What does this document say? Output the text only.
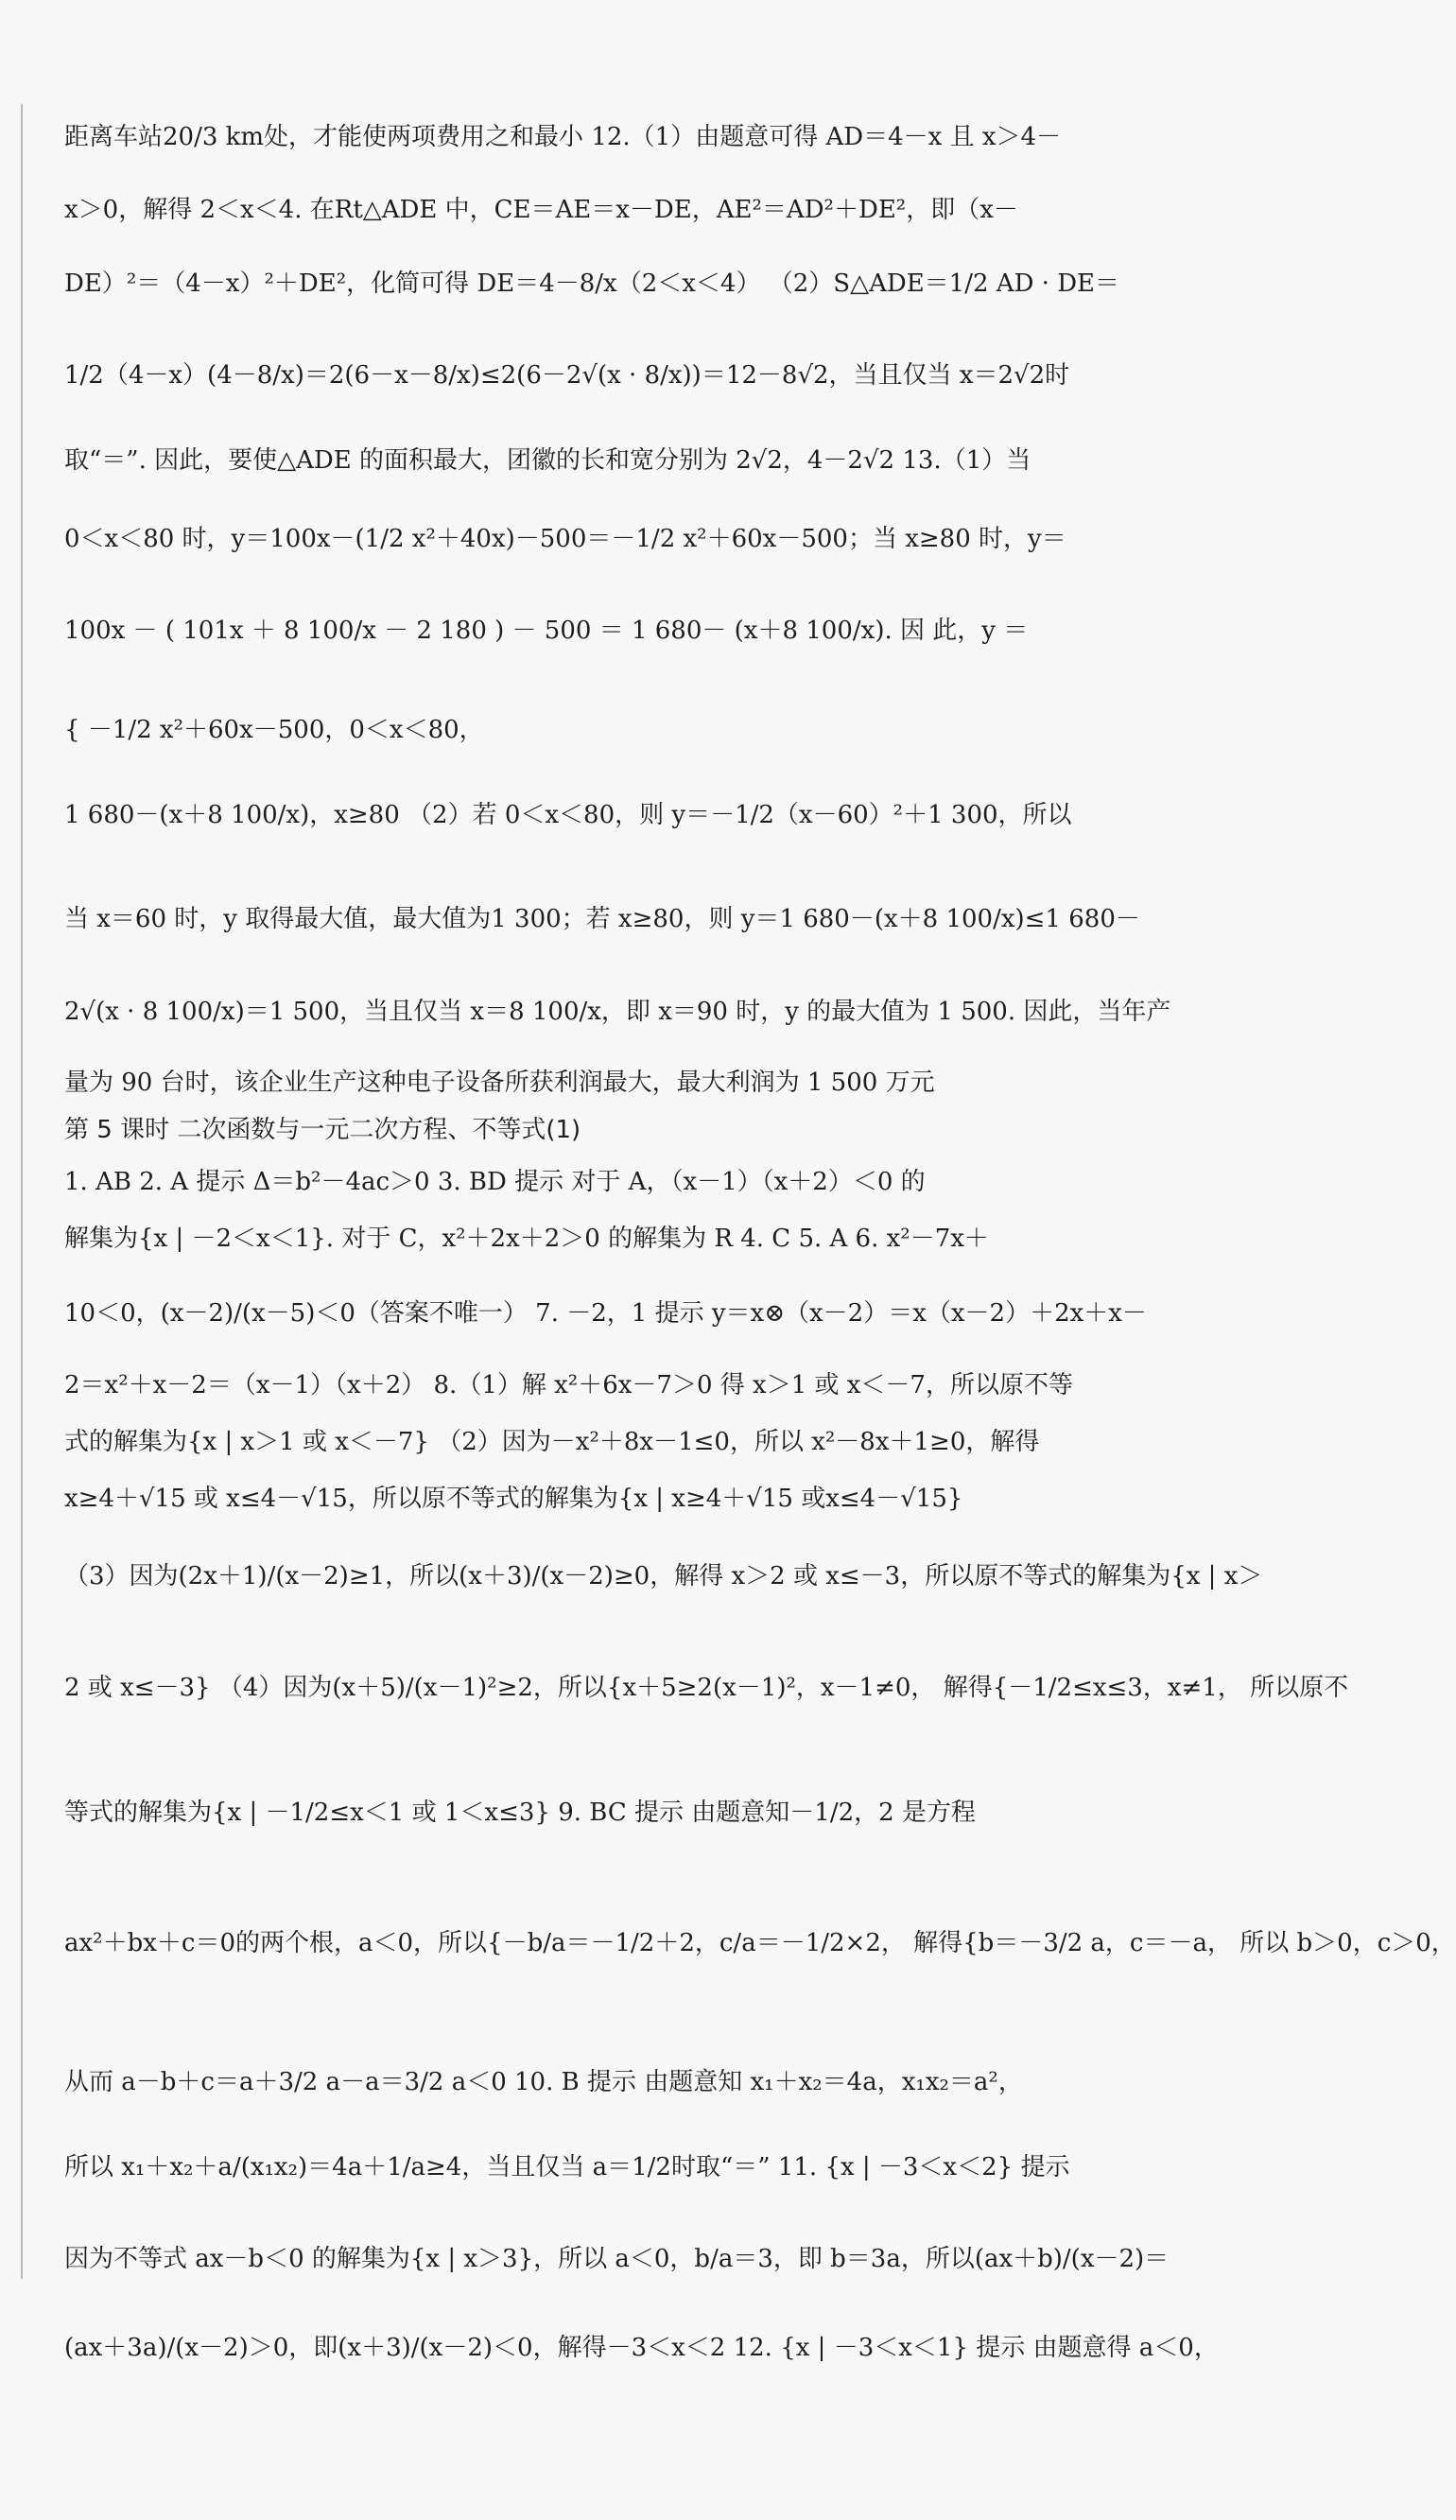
距离车站20/3 km处，才能使两项费用之和最小 12.（1）由题意可得 AD＝4－x 且 x＞4－
x＞0，解得 2＜x＜4. 在Rt△ADE 中，CE＝AE＝x－DE，AE²＝AD²＋DE²，即（x－
DE）²＝（4－x）²＋DE²，化简可得 DE＝4－8/x（2＜x＜4） （2）S△ADE＝1/2 AD · DE＝
1/2（4－x）(4－8/x)＝2(6－x－8/x)≤2(6－2√(x · 8/x))＝12－8√2，当且仅当 x＝2√2时
取“＝”. 因此，要使△ADE 的面积最大，团徽的长和宽分别为 2√2，4－2√2 13.（1）当
0＜x＜80 时，y＝100x－(1/2 x²＋40x)－500＝－1/2 x²＋60x－500；当 x≥80 时，y＝
100x － ( 101x ＋ 8 100/x － 2 180 ) － 500 ＝ 1 680－ (x＋8 100/x). 因 此，y ＝
{ －1/2 x²＋60x－500，0＜x＜80，
1 680－(x＋8 100/x)，x≥80 （2）若 0＜x＜80，则 y＝－1/2（x－60）²＋1 300，所以
当 x＝60 时，y 取得最大值，最大值为1 300；若 x≥80，则 y＝1 680－(x＋8 100/x)≤1 680－
2√(x · 8 100/x)＝1 500，当且仅当 x＝8 100/x，即 x＝90 时，y 的最大值为 1 500. 因此，当年产
量为 90 台时，该企业生产这种电子设备所获利润最大，最大利润为 1 500 万元
第 5 课时 二次函数与一元二次方程、不等式(1)
1. AB 2. A 提示 Δ＝b²－4ac＞0 3. BD 提示 对于 A，（x－1）（x＋2）＜0 的
解集为{x | －2＜x＜1}. 对于 C，x²＋2x＋2＞0 的解集为 R 4. C 5. A 6. x²－7x＋
10＜0，(x－2)/(x－5)＜0（答案不唯一） 7. －2，1 提示 y＝x⊗（x－2）＝x（x－2）＋2x＋x－
2＝x²＋x－2＝（x－1）（x＋2） 8.（1）解 x²＋6x－7＞0 得 x＞1 或 x＜－7，所以原不等
式的解集为{x | x＞1 或 x＜－7} （2）因为－x²＋8x－1≤0，所以 x²－8x＋1≥0，解得
x≥4＋√15 或 x≤4－√15，所以原不等式的解集为{x | x≥4＋√15 或x≤4－√15}
（3）因为(2x＋1)/(x－2)≥1，所以(x＋3)/(x－2)≥0，解得 x＞2 或 x≤－3，所以原不等式的解集为{x | x＞
2 或 x≤－3} （4）因为(x＋5)/(x－1)²≥2，所以{x＋5≥2(x－1)²，x－1≠0， 解得{－1/2≤x≤3，x≠1， 所以原不
等式的解集为{x | －1/2≤x＜1 或 1＜x≤3} 9. BC 提示 由题意知－1/2，2 是方程
ax²＋bx＋c＝0的两个根，a＜0，所以{－b/a＝－1/2＋2，c/a＝－1/2×2， 解得{b＝－3/2 a，c＝－a， 所以 b＞0，c＞0，
从而 a－b＋c＝a＋3/2 a－a＝3/2 a＜0 10. B 提示 由题意知 x₁＋x₂＝4a，x₁x₂＝a²，
所以 x₁＋x₂＋a/(x₁x₂)＝4a＋1/a≥4，当且仅当 a＝1/2时取“＝” 11. {x | －3＜x＜2} 提示
因为不等式 ax－b＜0 的解集为{x | x＞3}，所以 a＜0，b/a＝3，即 b＝3a，所以(ax＋b)/(x－2)＝
(ax＋3a)/(x－2)＞0，即(x＋3)/(x－2)＜0，解得－3＜x＜2 12. {x | －3＜x＜1} 提示 由题意得 a＜0，
